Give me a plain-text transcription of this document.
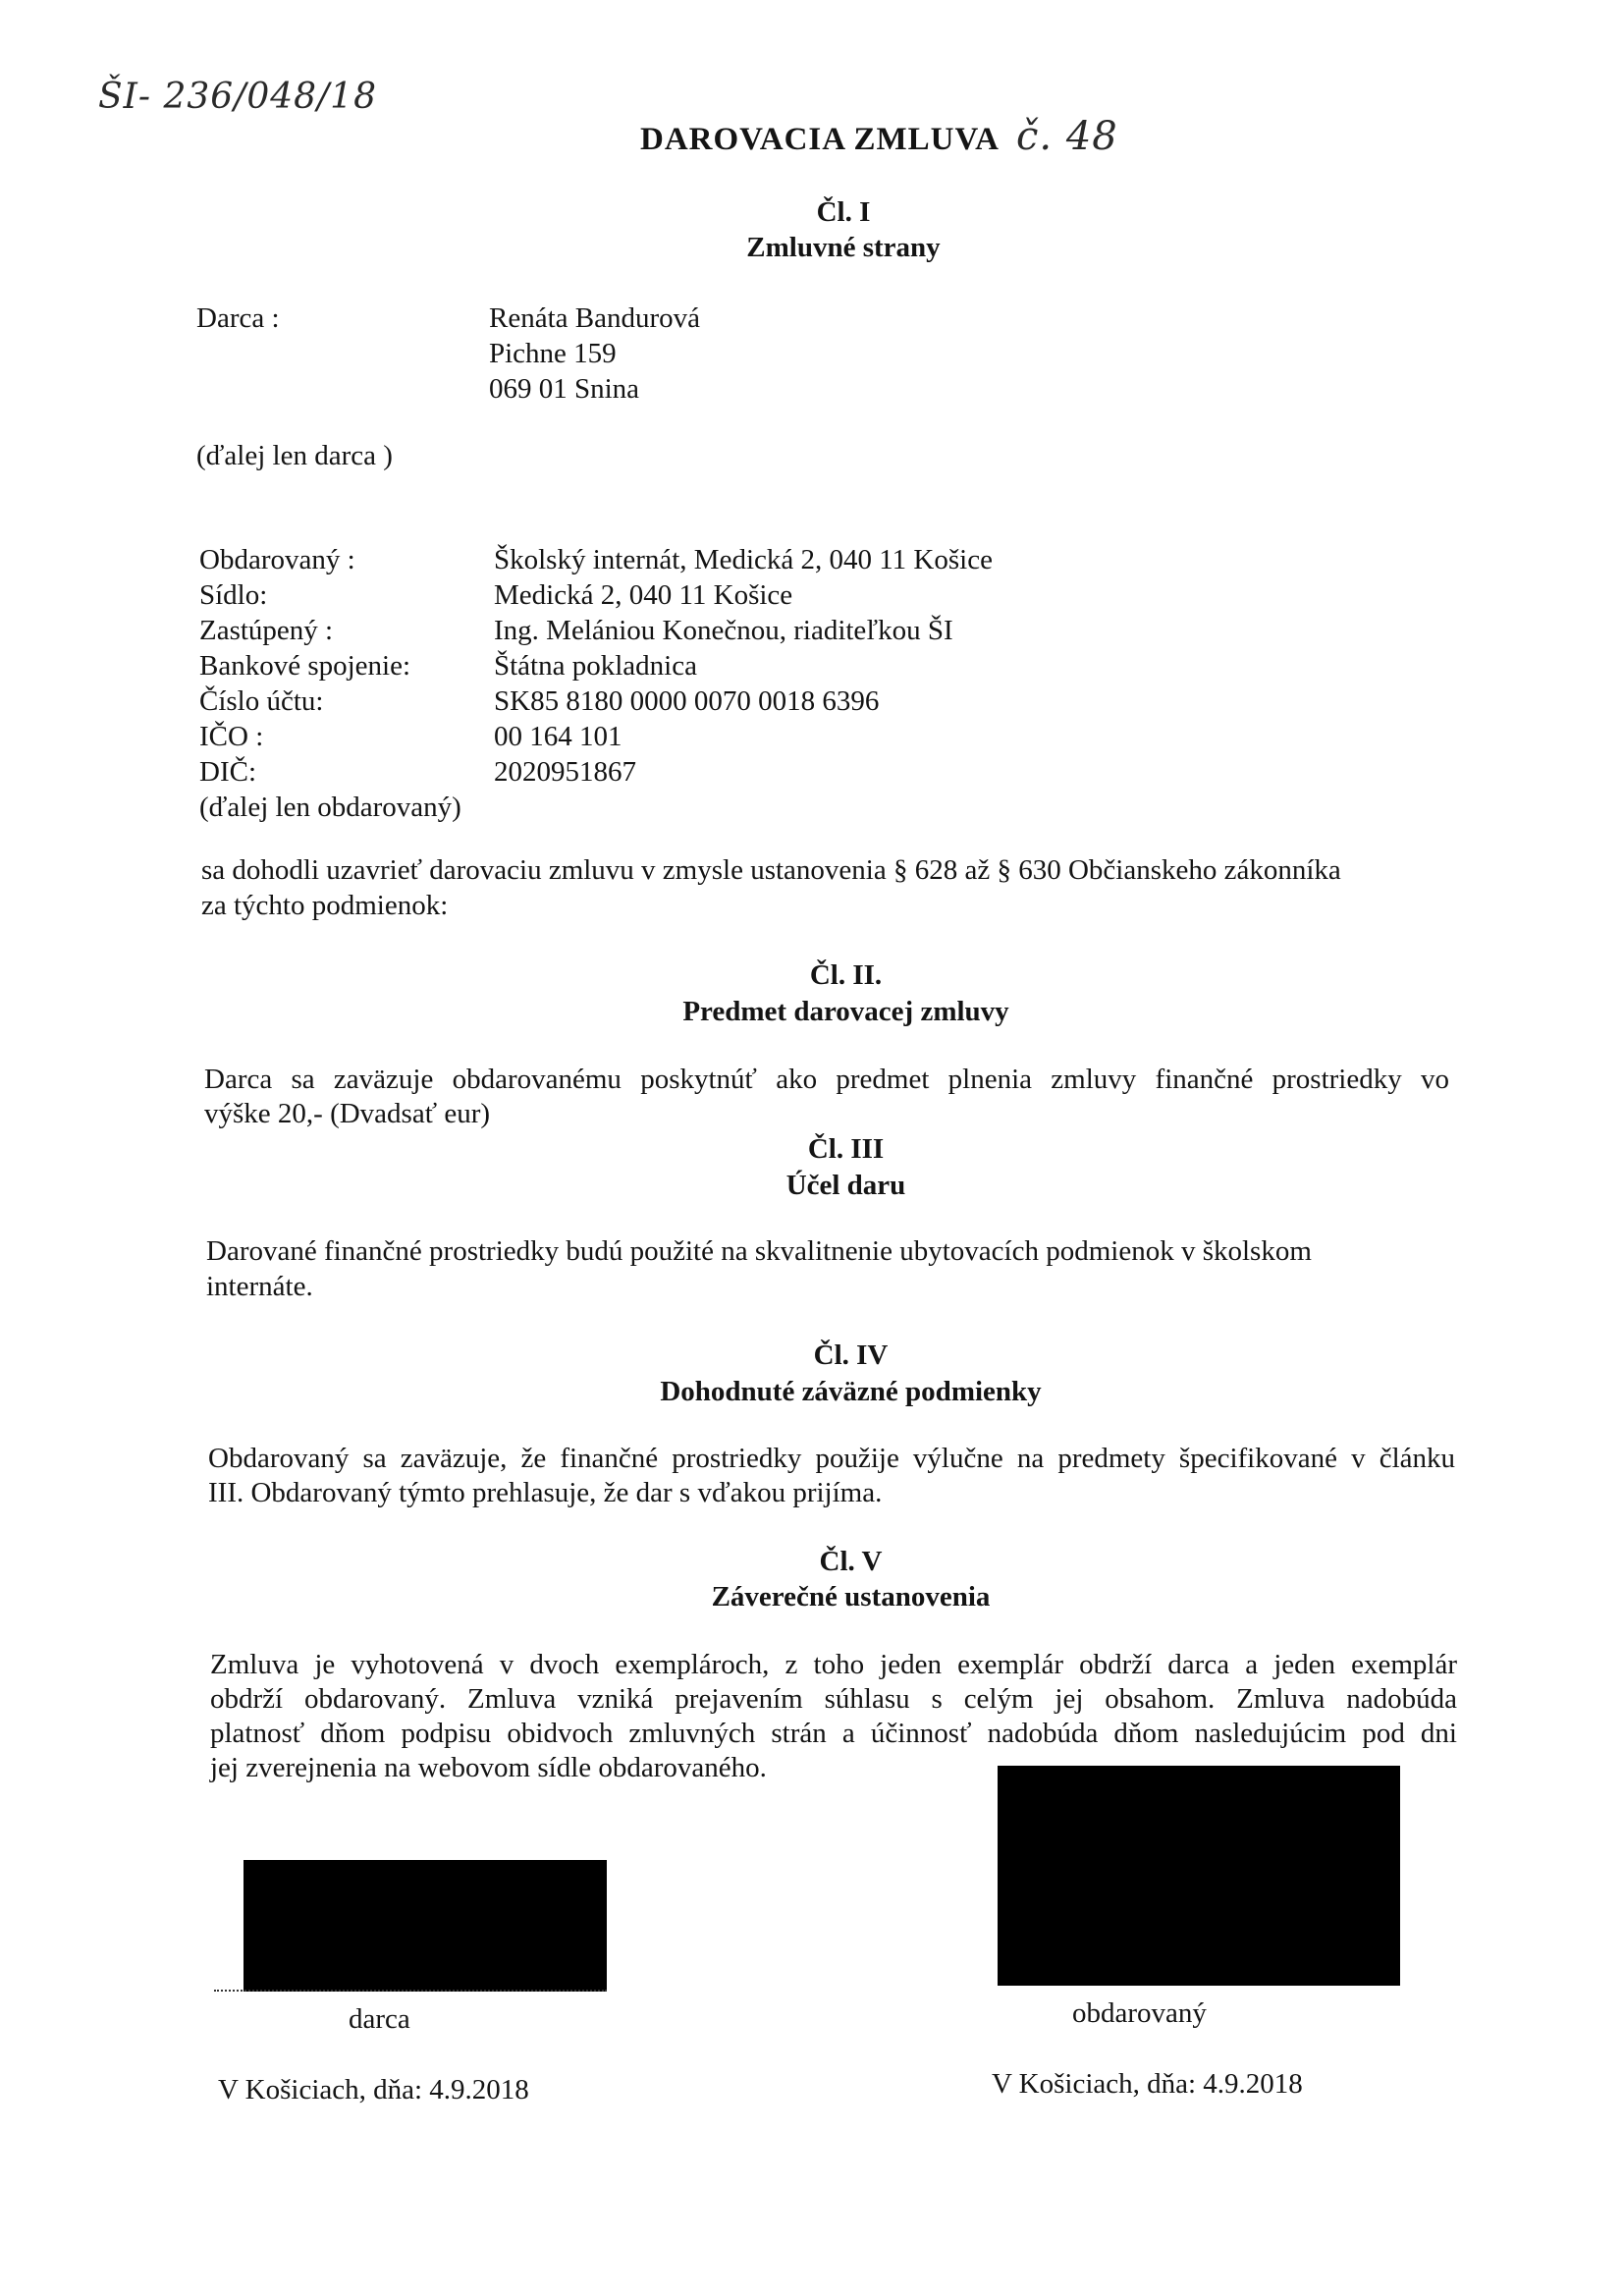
ŠI- 236/048/18
DAROVACIA ZMLUVA č. 48
Čl. I
Zmluvné strany
Darca :	Renáta Bandurová
Pichne 159
069 01 Snina
(ďalej len darca )
Obdarovaný :	Školský internát, Medická 2, 040 11 Košice
Sídlo:	Medická 2, 040 11 Košice
Zastúpený :	Ing. Melániou Konečnou, riaditeľkou ŠI
Bankové spojenie:	Štátna pokladnica
Číslo účtu:	SK85 8180 0000 0070 0018 6396
IČO :	00 164 101
DIČ:	2020951867
(ďalej len obdarovaný)
sa dohodli uzavrieť darovaciu zmluvu v zmysle ustanovenia § 628 až § 630 Občianskeho zákonníka
za týchto podmienok:
Čl. II.
Predmet darovacej zmluvy
Darca sa zaväzuje obdarovanému poskytnúť ako predmet plnenia zmluvy finančné prostriedky vo
výške 20,- (Dvadsať eur)
Čl. III
Účel daru
Darované finančné prostriedky budú použité na skvalitnenie ubytovacích podmienok v školskom
internáte.
Čl. IV
Dohodnuté záväzné podmienky
Obdarovaný sa zaväzuje, že finančné prostriedky použije výlučne na predmety špecifikované v článku
III. Obdarovaný týmto prehlasuje, že dar s vďakou prijíma.
Čl. V
Záverečné ustanovenia
Zmluva je vyhotovená v dvoch exemplároch, z toho jeden exemplár obdrží darca a jeden exemplár
obdrží obdarovaný. Zmluva vzniká prejavením súhlasu s celým jej obsahom. Zmluva nadobúda
platnosť dňom podpisu obidvoch zmluvných strán a účinnosť nadobúda dňom nasledujúcim pod dni
jej zverejnenia na webovom sídle obdarovaného.
darca	obdarovaný
V Košiciach, dňa: 4.9.2018	V Košiciach, dňa: 4.9.2018
